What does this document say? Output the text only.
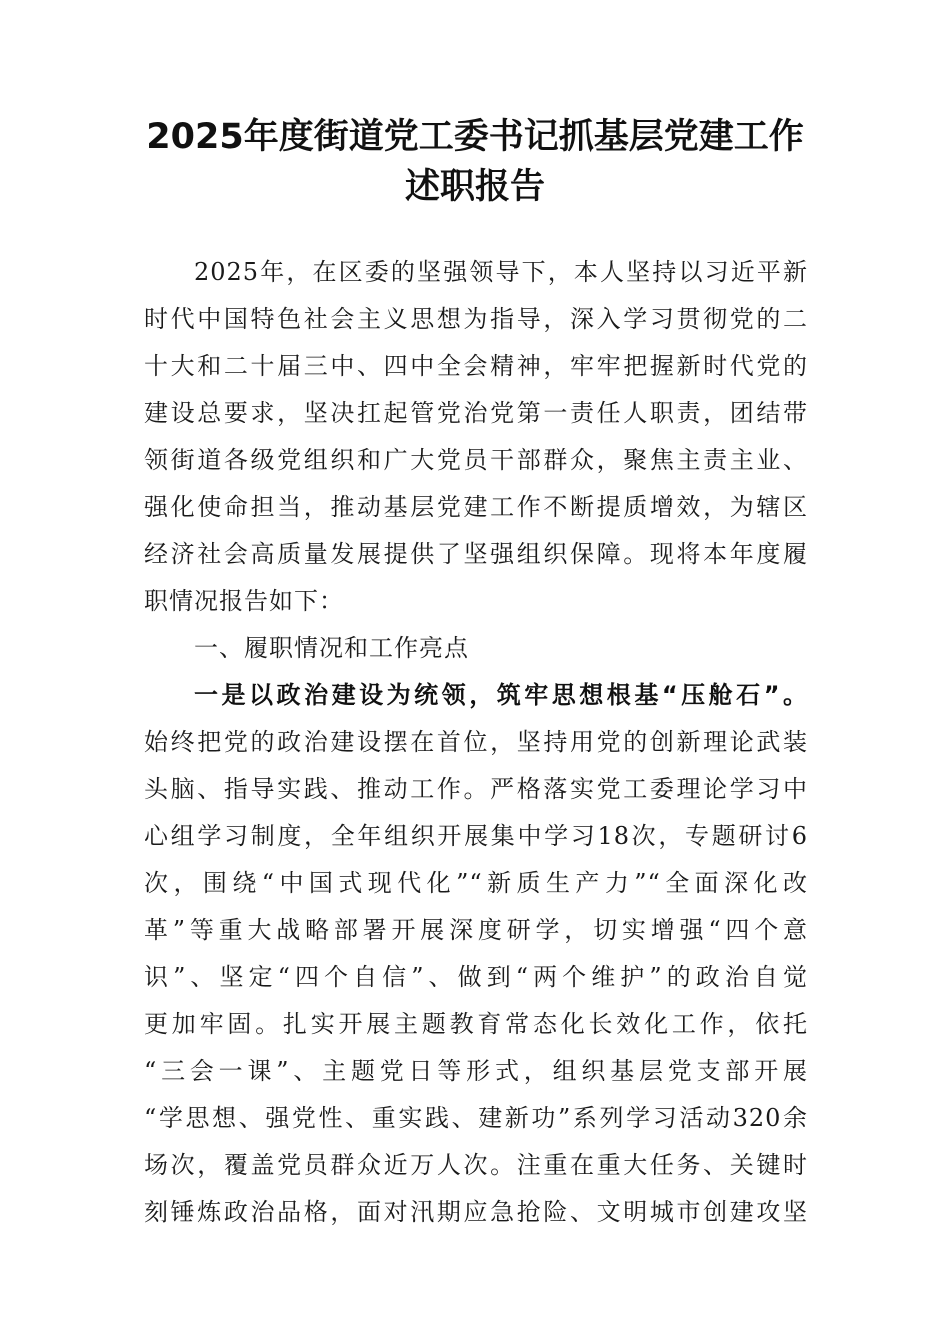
2025年度街道党工委书记抓基层党建工作
述职报告
2025年，在区委的坚强领导下，本人坚持以习近平新
时代中国特色社会主义思想为指导，深入学习贯彻党的二
十大和二十届三中、四中全会精神，牢牢把握新时代党的
建设总要求，坚决扛起管党治党第一责任人职责，团结带
领街道各级党组织和广大党员干部群众，聚焦主责主业、
强化使命担当，推动基层党建工作不断提质增效，为辖区
经济社会高质量发展提供了坚强组织保障。现将本年度履
职情况报告如下：
一、履职情况和工作亮点
一是以政治建设为统领，筑牢思想根基“压舱石”。
始终把党的政治建设摆在首位，坚持用党的创新理论武装
头脑、指导实践、推动工作。严格落实党工委理论学习中
心组学习制度，全年组织开展集中学习18次，专题研讨6
次，围绕“中国式现代化”“新质生产力”“全面深化改
革”等重大战略部署开展深度研学，切实增强“四个意
识”、坚定“四个自信”、做到“两个维护”的政治自觉
更加牢固。扎实开展主题教育常态化长效化工作，依托
“三会一课”、主题党日等形式，组织基层党支部开展
“学思想、强党性、重实践、建新功”系列学习活动320余
场次，覆盖党员群众近万人次。注重在重大任务、关键时
刻锤炼政治品格，面对汛期应急抢险、文明城市创建攻坚
